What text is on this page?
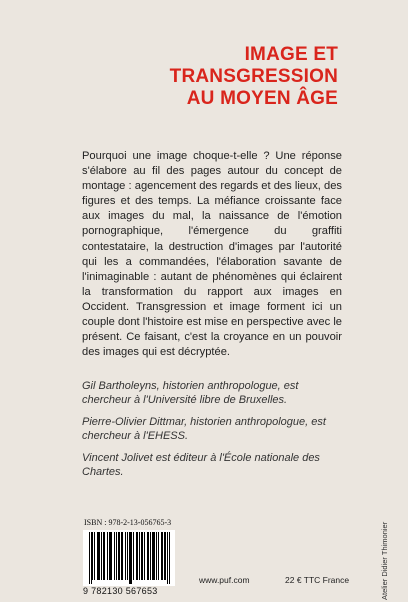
IMAGE ET
TRANSGRESSION
AU MOYEN ÂGE

Pourquoi une image choque-t-elle ? Une réponse s'élabore au fil des pages autour du concept de montage : agencement des regards et des lieux, des figures et des temps. La méfiance croissante face aux images du mal, la naissance de l'émotion pornographique, l'émergence du graffiti contestataire, la destruction d'images par l'autorité qui les a commandées, l'élaboration savante de l'inimaginable : autant de phénomènes qui éclairent la transformation du rapport aux images en Occident. Transgression et image forment ici un couple dont l'histoire est mise en perspective avec le présent. Ce faisant, c'est la croyance en un pouvoir des images qui est décryptée.

Gil Bartholeyns, historien anthropologue, est chercheur à l'Université libre de Bruxelles.

Pierre-Olivier Dittmar, historien anthropologue, est chercheur à l'EHESS.

Vincent Jolivet est éditeur à l'École nationale des Chartes.

ISBN : 978-2-13-056765-3
9 782130 567653
www.puf.com	22 € TTC France	Atelier Didier Thimonier
